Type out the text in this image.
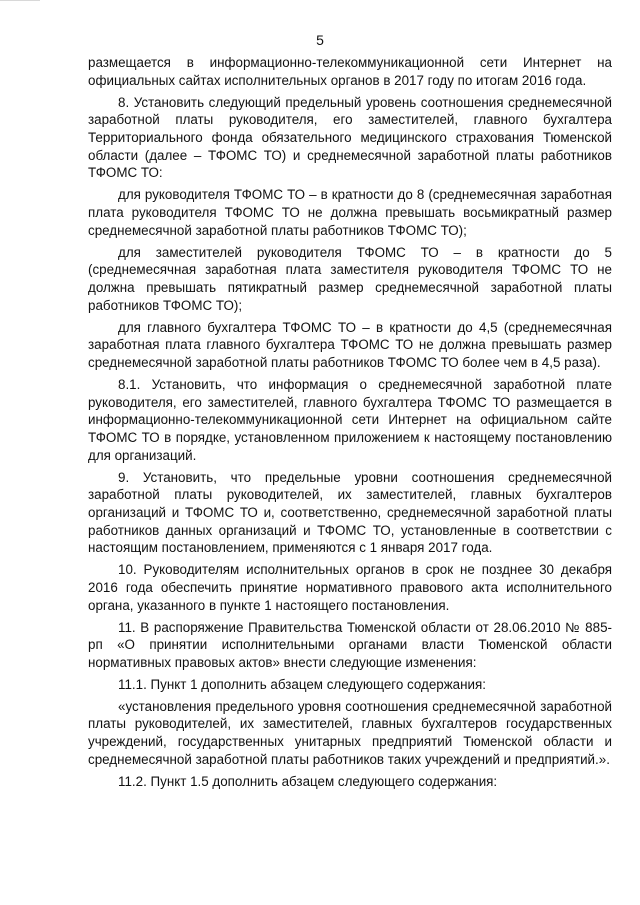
5

размещается в информационно-телекоммуникационной сети Интернет на официальных сайтах исполнительных органов в 2017 году по итогам 2016 года.

8. Установить следующий предельный уровень соотношения среднемесячной заработной платы руководителя, его заместителей, главного бухгалтера Территориального фонда обязательного медицинского страхования Тюменской области (далее – ТФОМС ТО) и среднемесячной заработной платы работников ТФОМС ТО:

для руководителя ТФОМС ТО – в кратности до 8 (среднемесячная заработная плата руководителя ТФОМС ТО не должна превышать восьмикратный размер среднемесячной заработной платы работников ТФОМС ТО);

для заместителей руководителя ТФОМС ТО – в кратности до 5 (среднемесячная заработная плата заместителя руководителя ТФОМС ТО не должна превышать пятикратный размер среднемесячной заработной платы работников ТФОМС ТО);

для главного бухгалтера ТФОМС ТО – в кратности до 4,5 (среднемесячная заработная плата главного бухгалтера ТФОМС ТО не должна превышать размер среднемесячной заработной платы работников ТФОМС ТО более чем в 4,5 раза).

8.1. Установить, что информация о среднемесячной заработной плате руководителя, его заместителей, главного бухгалтера ТФОМС ТО размещается в информационно-телекоммуникационной сети Интернет на официальном сайте ТФОМС ТО в порядке, установленном приложением к настоящему постановлению для организаций.

9. Установить, что предельные уровни соотношения среднемесячной заработной платы руководителей, их заместителей, главных бухгалтеров организаций и ТФОМС ТО и, соответственно, среднемесячной заработной платы работников данных организаций и ТФОМС ТО, установленные в соответствии с настоящим постановлением, применяются с 1 января 2017 года.

10. Руководителям исполнительных органов в срок не позднее 30 декабря 2016 года обеспечить принятие нормативного правового акта исполнительного органа, указанного в пункте 1 настоящего постановления.

11. В распоряжение Правительства Тюменской области от 28.06.2010 № 885-рп «О принятии исполнительными органами власти Тюменской области нормативных правовых актов» внести следующие изменения:

11.1. Пункт 1 дополнить абзацем следующего содержания:

«установления предельного уровня соотношения среднемесячной заработной платы руководителей, их заместителей, главных бухгалтеров государственных учреждений, государственных унитарных предприятий Тюменской области и среднемесячной заработной платы работников таких учреждений и предприятий.».

11.2. Пункт 1.5 дополнить абзацем следующего содержания:
